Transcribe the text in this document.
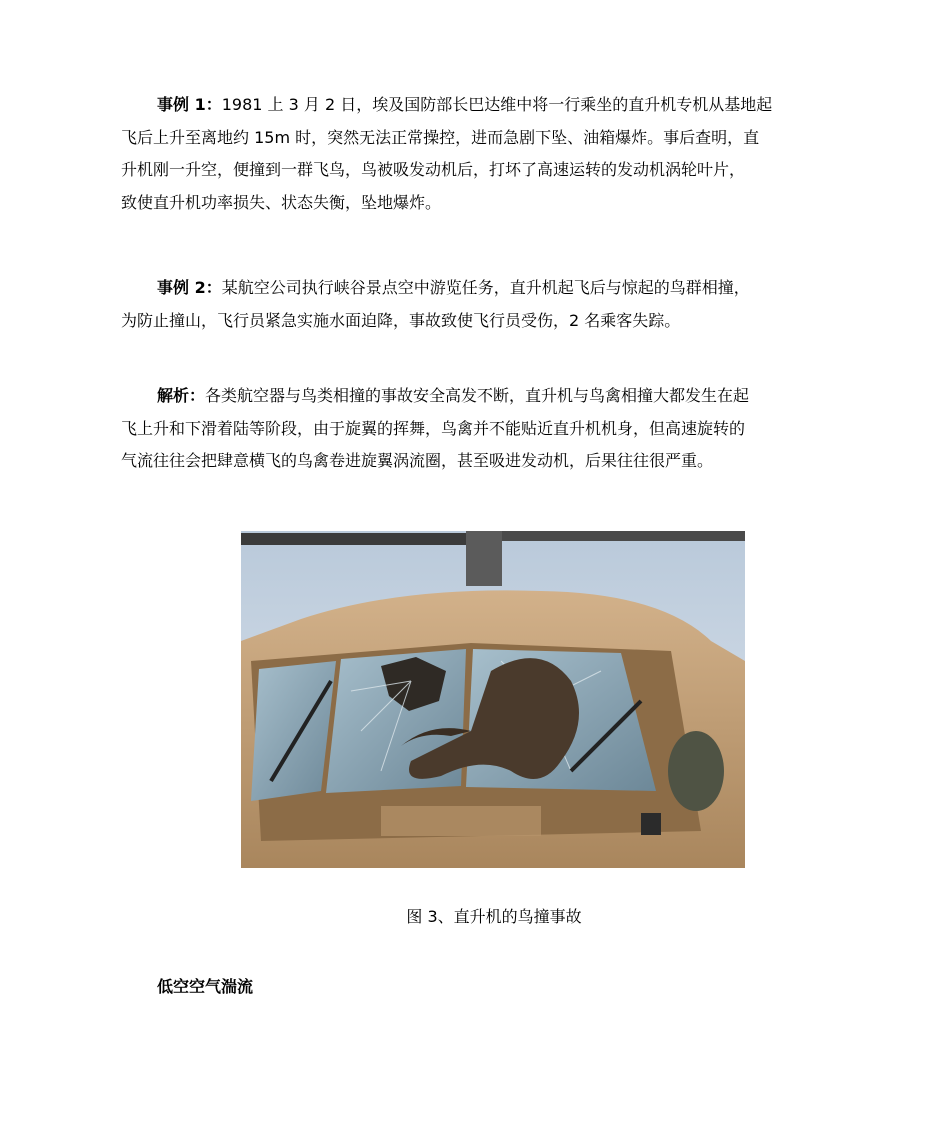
事例 1：1981 上 3 月 2 日，埃及国防部长巴达维中将一行乘坐的直升机专机从基地起
飞后上升至离地约 15m 时，突然无法正常操控，进而急剧下坠、油箱爆炸。事后查明，直
升机刚一升空，便撞到一群飞鸟，鸟被吸发动机后，打坏了高速运转的发动机涡轮叶片，
致使直升机功率损失、状态失衡，坠地爆炸。

事例 2：某航空公司执行峡谷景点空中游览任务，直升机起飞后与惊起的鸟群相撞，
为防止撞山，飞行员紧急实施水面迫降，事故致使飞行员受伤，2 名乘客失踪。

解析：各类航空器与鸟类相撞的事故安全高发不断，直升机与鸟禽相撞大都发生在起
飞上升和下滑着陆等阶段，由于旋翼的挥舞，鸟禽并不能贴近直升机机身，但高速旋转的
气流往往会把肆意横飞的鸟禽卷进旋翼涡流圈，甚至吸进发动机，后果往往很严重。

图 3、直升机的鸟撞事故
低空空气湍流
